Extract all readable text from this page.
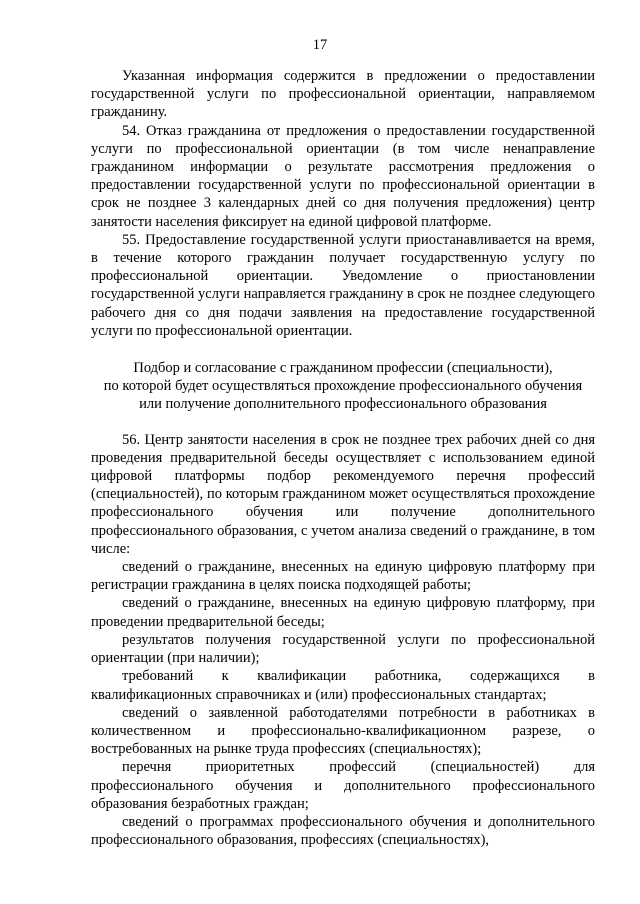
17

Указанная информация содержится в предложении о предоставлении государственной услуги по профессиональной ориентации, направляемом гражданину.

54. Отказ гражданина от предложения о предоставлении государственной услуги по профессиональной ориентации (в том числе ненаправление гражданином информации о результате рассмотрения предложения о предоставлении государственной услуги по профессиональной ориентации в срок не позднее 3 календарных дней со дня получения предложения) центр занятости населения фиксирует на единой цифровой платформе.

55. Предоставление государственной услуги приостанавливается на время, в течение которого гражданин получает государственную услугу по профессиональной ориентации. Уведомление о приостановлении государственной услуги направляется гражданину в срок не позднее следующего рабочего дня со дня подачи заявления на предоставление государственной услуги по профессиональной ориентации.

Подбор и согласование с гражданином профессии (специальности),
по которой будет осуществляться прохождение профессионального обучения
или получение дополнительного профессионального образования

56. Центр занятости населения в срок не позднее трех рабочих дней со дня проведения предварительной беседы осуществляет с использованием единой цифровой платформы подбор рекомендуемого перечня профессий (специальностей), по которым гражданином может осуществляться прохождение профессионального обучения или получение дополнительного профессионального образования, с учетом анализа сведений о гражданине, в том числе:

сведений о гражданине, внесенных на единую цифровую платформу при регистрации гражданина в целях поиска подходящей работы;

сведений о гражданине, внесенных на единую цифровую платформу, при проведении предварительной беседы;

результатов получения государственной услуги по профессиональной ориентации (при наличии);

требований к квалификации работника, содержащихся в квалификационных справочниках и (или) профессиональных стандартах;

сведений о заявленной работодателями потребности в работниках в количественном и профессионально-квалификационном разрезе, о востребованных на рынке труда профессиях (специальностях);

перечня приоритетных профессий (специальностей) для профессионального обучения и дополнительного профессионального образования безработных граждан;

сведений о программах профессионального обучения и дополнительного профессионального образования, профессиях (специальностях),
